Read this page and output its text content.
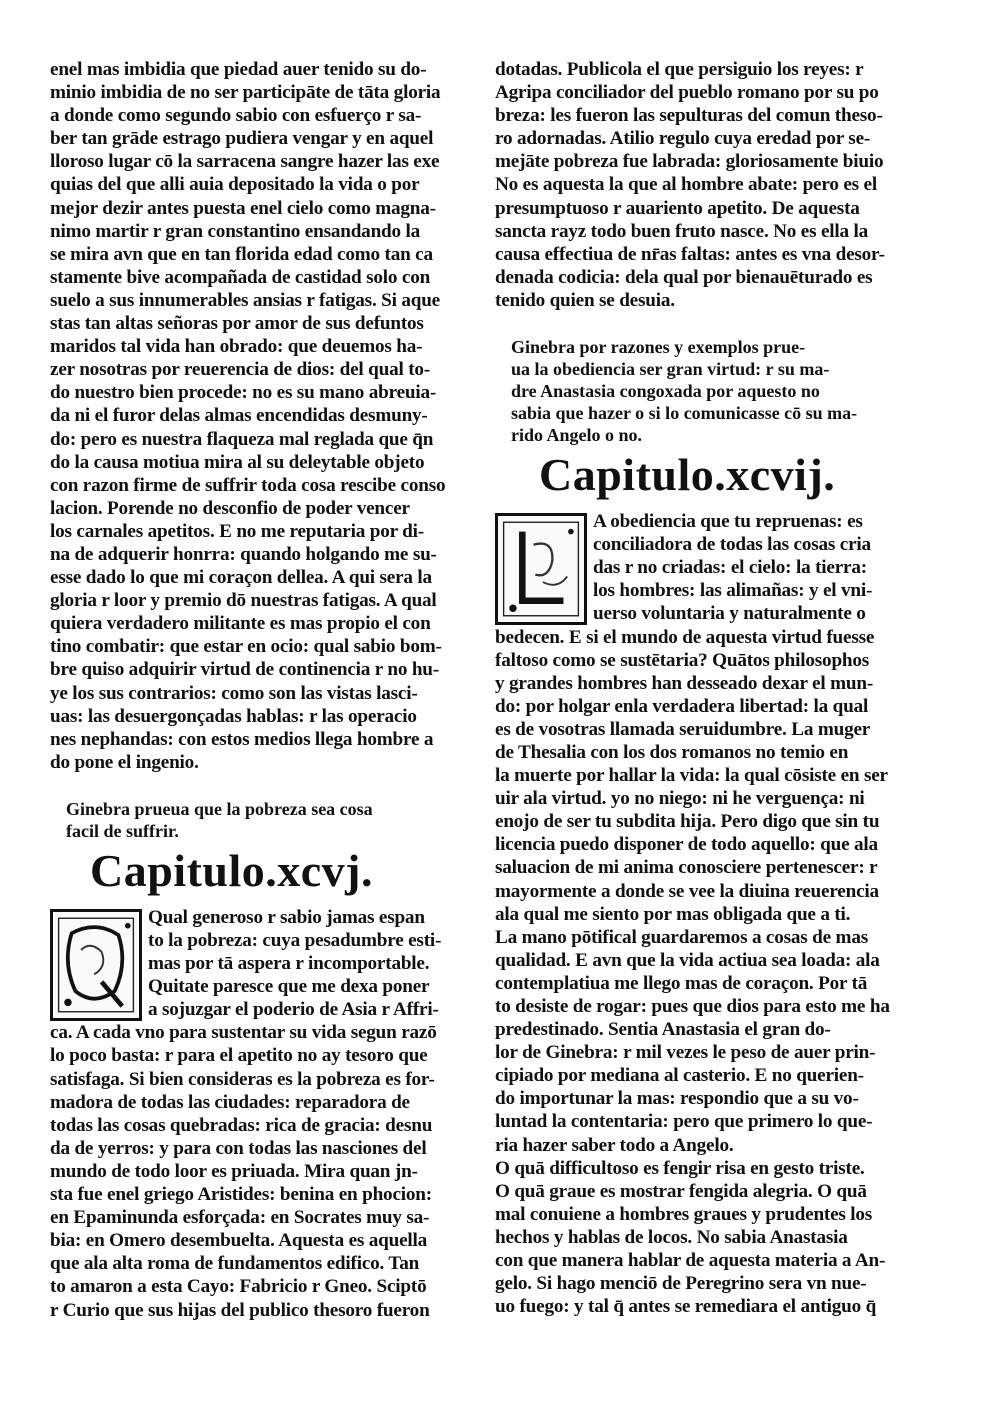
enel mas imbidia que piedad auer tenido su do-
minio imbidia de no ser participāte de tāta gloria
a donde como segundo sabio con esfuerço r sa-
ber tan grāde estrago pudiera vengar y en aquel
lloroso lugar cō la sarracena sangre hazer las exe
quias del que alli auia depositado la vida o por
mejor dezir antes puesta enel cielo como magna-
nimo martir r gran constantino ensandando la
se mira avn que en tan florida edad como tan ca
stamente bive acompañada de castidad solo con
suelo a sus innumerables ansias r fatigas. Si aque
stas tan altas señoras por amor de sus defuntos
maridos tal vida han obrado: que deuemos ha-
zer nosotras por reuerencia de dios: del qual to-
do nuestro bien procede: no es su mano abreuia-
da ni el furor delas almas encendidas desmuny-
do: pero es nuestra flaqueza mal reglada que q̄n
do la causa motiua mira al su deleytable objeto
con razon firme de suffrir toda cosa rescibe conso
lacion. Porende no desconfio de poder vencer
los carnales apetitos. E no me reputaria por di-
na de adquerir honrra: quando holgando me su-
esse dado lo que mi coraçon dellea. A qui sera la
gloria r loor y premio dō nuestras fatigas. A qual
quiera verdadero militante es mas propio el con
tino combatir: que estar en ocio: qual sabio bom-
bre quiso adquirir virtud de continencia r no hu-
ye los sus contrarios: como son las vistas lasci-
uas: las desuergonçadas hablas: r las operacio
nes nephandas: con estos medios llega hombre a
do pone el ingenio.
Ginebra prueua que la pobreza sea cosa
facil de suffrir.
Capitulo.xcvj.
Qual generoso r sabio jamas espan
to la pobreza: cuya pesadumbre esti-
mas por tā aspera r incomportable.
Quitate paresce que me dexa poner
a sojuzgar el poderio de Asia r Affri-
ca. A cada vno para sustentar su vida segun razō
lo poco basta: r para el apetito no ay tesoro que
satisfaga. Si bien consideras es la pobreza es for-
madora de todas las ciudades: reparadora de
todas las cosas quebradas: rica de gracia: desnu
da de yerros: y para con todas las nasciones del
mundo de todo loor es priuada. Mira quan jn-
sta fue enel griego Aristides: benina en phocion:
en Epaminunda esforçada: en Socrates muy sa-
bia: en Omero desembuelta. Aquesta es aquella
que ala alta roma de fundamentos edifico. Tan
to amaron a esta Cayo: Fabricio r Gneo. Sciptō
r Curio que sus hijas del publico thesoro fueron
dotadas. Publicola el que persiguio los reyes: r
Agripa conciliador del pueblo romano por su po
breza: les fueron las sepulturas del comun theso-
ro adornadas. Atilio regulo cuya eredad por se-
mejāte pobreza fue labrada: gloriosamente biuio
No es aquesta la que al hombre abate: pero es el
presumptuoso r auariento apetito. De aquesta
sancta rayz todo buen fruto nasce. No es ella la
causa effectiua de nr̄as faltas: antes es vna desor-
denada codicia: dela qual por bienauēturado es
tenido quien se desuia.
Ginebra por razones y exemplos prue-
ua la obediencia ser gran virtud: r su ma-
dre Anastasia congoxada por aquesto no
sabia que hazer o si lo comunicasse cō su ma-
rido Angelo o no.
Capitulo.xcvij.
A obediencia que tu repruenas: es
conciliadora de todas las cosas cria
das r no criadas: el cielo: la tierra:
los hombres: las alimañas: y el vni-
uerso voluntaria y naturalmente o
bedecen. E si el mundo de aquesta virtud fuesse
faltoso como se sustētaria? Quātos philosophos
y grandes hombres han desseado dexar el mun-
do: por holgar enla verdadera libertad: la qual
es de vosotras llamada seruidumbre. La muger
de Thesalia con los dos romanos no temio en
la muerte por hallar la vida: la qual cōsiste en ser
uir ala virtud. yo no niego: ni he verguença: ni
enojo de ser tu subdita hija. Pero digo que sin tu
licencia puedo disponer de todo aquello: que ala
saluacion de mi anima conosciere pertenescer: r
mayormente a donde se vee la diuina reuerencia
ala qual me siento por mas obligada que a ti.
La mano pōtifical guardaremos a cosas de mas
qualidad. E avn que la vida actiua sea loada: ala
contemplatiua me llego mas de coraçon. Por tā
to desiste de rogar: pues que dios para esto me ha
predestinado. Sentia Anastasia el gran do-
lor de Ginebra: r mil vezes le peso de auer prin-
cipiado por mediana al casterio. E no querien-
do importunar la mas: respondio que a su vo-
luntad la contentaria: pero que primero lo que-
ria hazer saber todo a Angelo.
O quā difficultoso es fengir risa en gesto triste.
O quā graue es mostrar fengida alegria. O quā
mal conuiene a hombres graues y prudentes los
hechos y hablas de locos. No sabia Anastasia
con que manera hablar de aquesta materia a An-
gelo. Si hago menciō de Peregrino sera vn nue-
uo fuego: y tal q̄ antes se remediara el antiguo q̄
